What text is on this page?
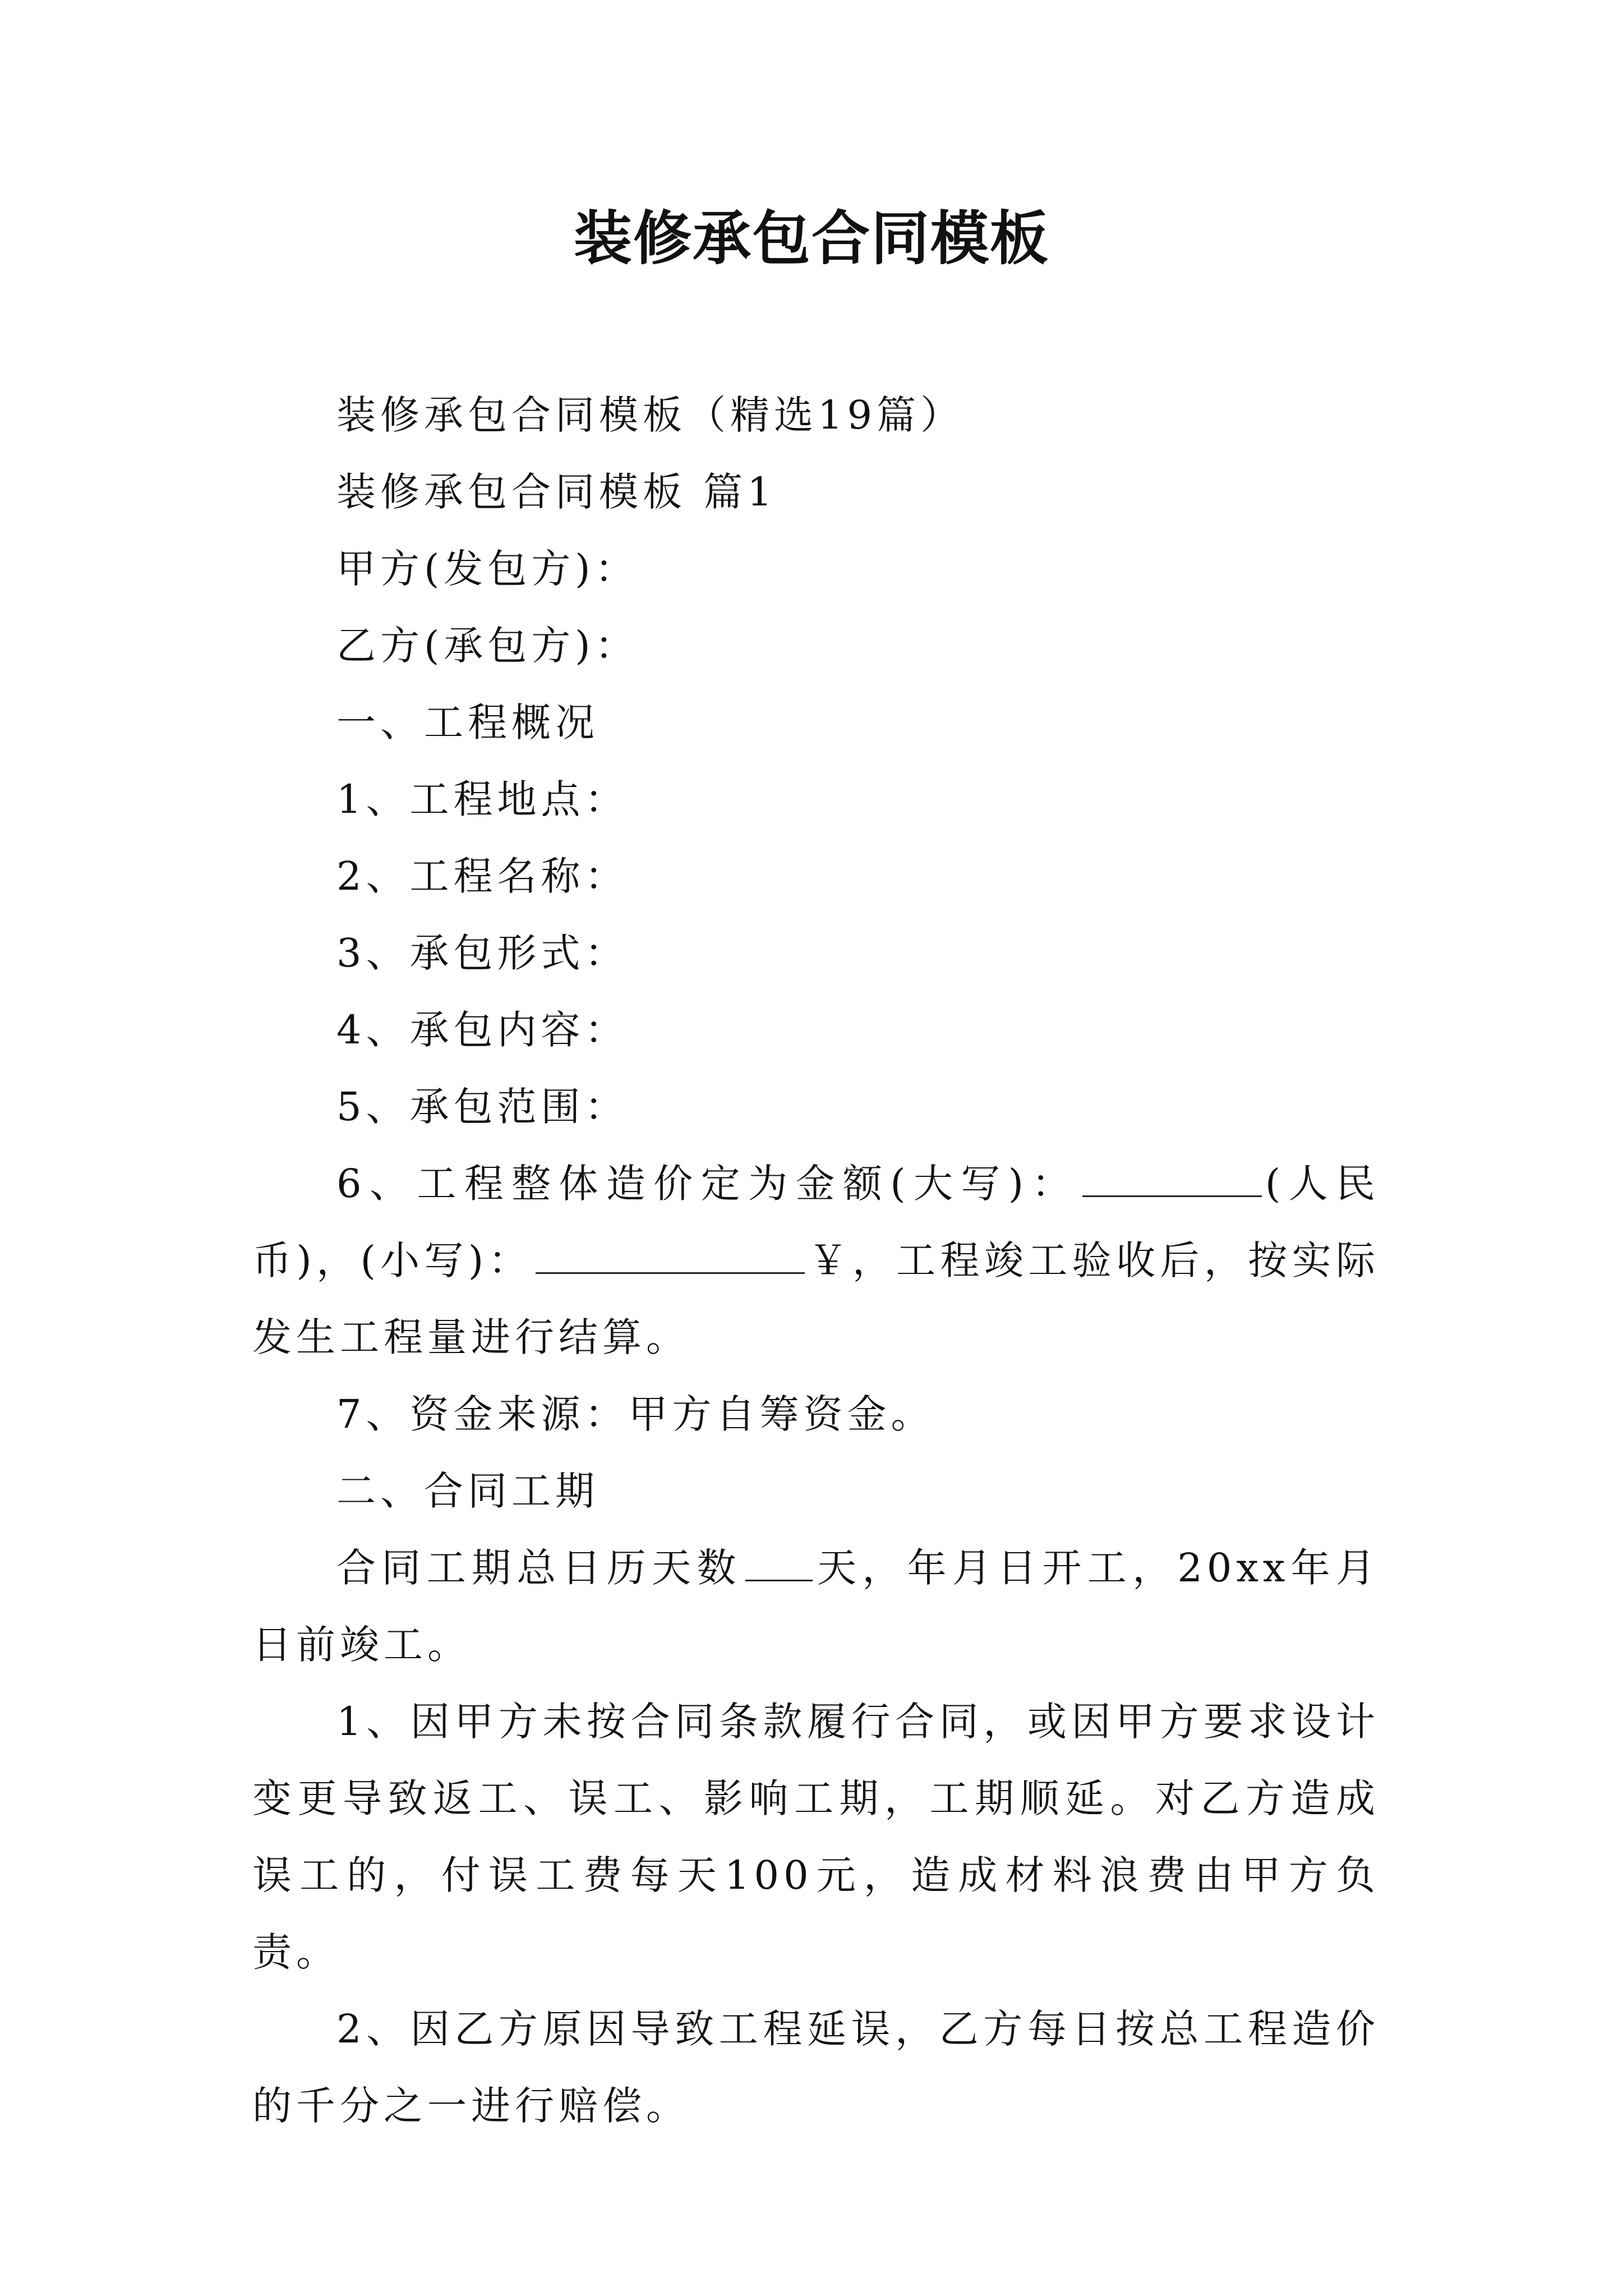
装修承包合同模板

装修承包合同模板（精选19篇）

装修承包合同模板 篇1

甲方(发包方)：

乙方(承包方)：

一、工程概况

1、工程地点：

2、工程名称：

3、承包形式：

4、承包内容：

5、承包范围：

6、工程整体造价定为金额(大写)：	(人民币)，(小写)：	￥，工程竣工验收后，按实际发生工程量进行结算。

7、资金来源：甲方自筹资金。

二、合同工期

合同工期总日历天数 天，年月日开工，20xx年月日前竣工。

1、因甲方未按合同条款履行合同，或因甲方要求设计变更导致返工、误工、影响工期，工期顺延。对乙方造成误工的，付误工费每天100元，造成材料浪费由甲方负责。

2、因乙方原因导致工程延误，乙方每日按总工程造价的千分之一进行赔偿。
